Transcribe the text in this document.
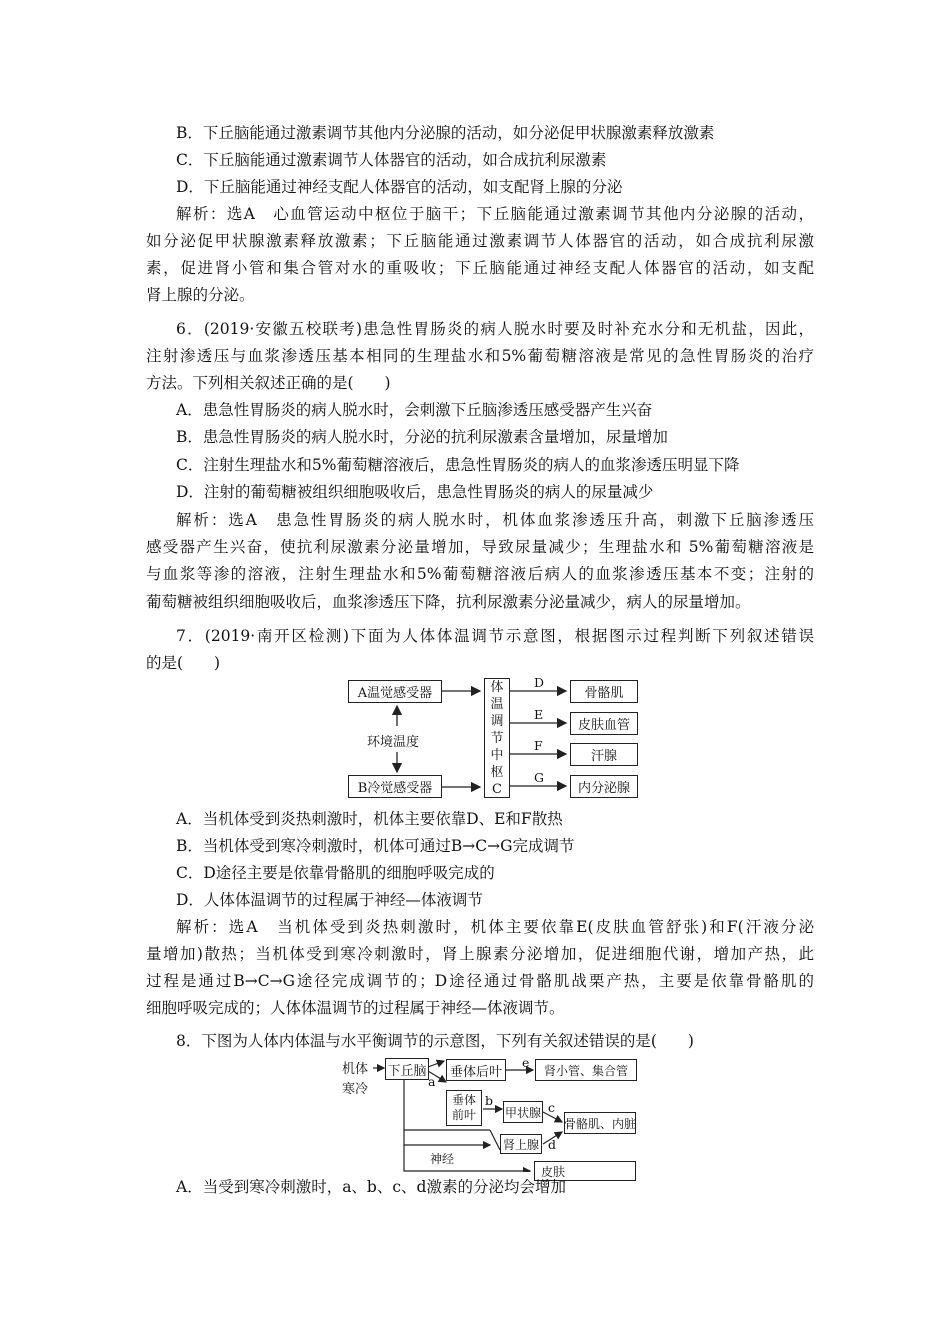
B．下丘脑能通过激素调节其他内分泌腺的活动，如分泌促甲状腺激素释放激素
C．下丘脑能通过激素调节人体器官的活动，如合成抗利尿激素
D．下丘脑能通过神经支配人体器官的活动，如支配肾上腺的分泌
解析：选A　心血管运动中枢位于脑干；下丘脑能通过激素调节其他内分泌腺的活动，
如分泌促甲状腺激素释放激素；下丘脑能通过激素调节人体器官的活动，如合成抗利尿激
素，促进肾小管和集合管对水的重吸收；下丘脑能通过神经支配人体器官的活动，如支配
肾上腺的分泌。
6．(2019·安徽五校联考)患急性胃肠炎的病人脱水时要及时补充水分和无机盐，因此，
注射渗透压与血浆渗透压基本相同的生理盐水和5%葡萄糖溶液是常见的急性胃肠炎的治疗
方法。下列相关叙述正确的是(　　)
A．患急性胃肠炎的病人脱水时，会刺激下丘脑渗透压感受器产生兴奋
B．患急性胃肠炎的病人脱水时，分泌的抗利尿激素含量增加，尿量增加
C．注射生理盐水和5%葡萄糖溶液后，患急性胃肠炎的病人的血浆渗透压明显下降
D．注射的葡萄糖被组织细胞吸收后，患急性胃肠炎的病人的尿量减少
解析：选A　患急性胃肠炎的病人脱水时，机体血浆渗透压升高，刺激下丘脑渗透压
感受器产生兴奋，使抗利尿激素分泌量增加，导致尿量减少；生理盐水和 5%葡萄糖溶液是
与血浆等渗的溶液，注射生理盐水和5%葡萄糖溶液后病人的血浆渗透压基本不变；注射的
葡萄糖被组织细胞吸收后，血浆渗透压下降，抗利尿激素分泌量减少，病人的尿量增加。
7．(2019·南开区检测)下面为人体体温调节示意图，根据图示过程判断下列叙述错误
的是(　　)
A温觉感受器
环境温度
B冷觉感受器
体
温
调
节
中
枢
C
D
E
F
G
骨骼肌
皮肤血管
汗腺
内分泌腺
A．当机体受到炎热刺激时，机体主要依靠D、E和F散热
B．当机体受到寒冷刺激时，机体可通过B→C→G完成调节
C．D途径主要是依靠骨骼肌的细胞呼吸完成的
D．人体体温调节的过程属于神经—体液调节
解析：选A　当机体受到炎热刺激时，机体主要依靠E(皮肤血管舒张)和F(汗液分泌
量增加)散热；当机体受到寒冷刺激时，肾上腺素分泌增加，促进细胞代谢，增加产热，此
过程是通过B→C→G途径完成调节的；D途径通过骨骼肌战栗产热，主要是依靠骨骼肌的
细胞呼吸完成的；人体体温调节的过程属于神经—体液调节。
8．下图为人体内体温与水平衡调节的示意图，下列有关叙述错误的是(　　)
机体
寒冷
下丘脑
a
垂体后叶
e
肾小管、集合管
垂体
前叶
b
甲状腺 c
骨骼肌、内脏
肾上腺 d
神经
皮肤
A．当受到寒冷刺激时，a、b、c、d激素的分泌均会增加
